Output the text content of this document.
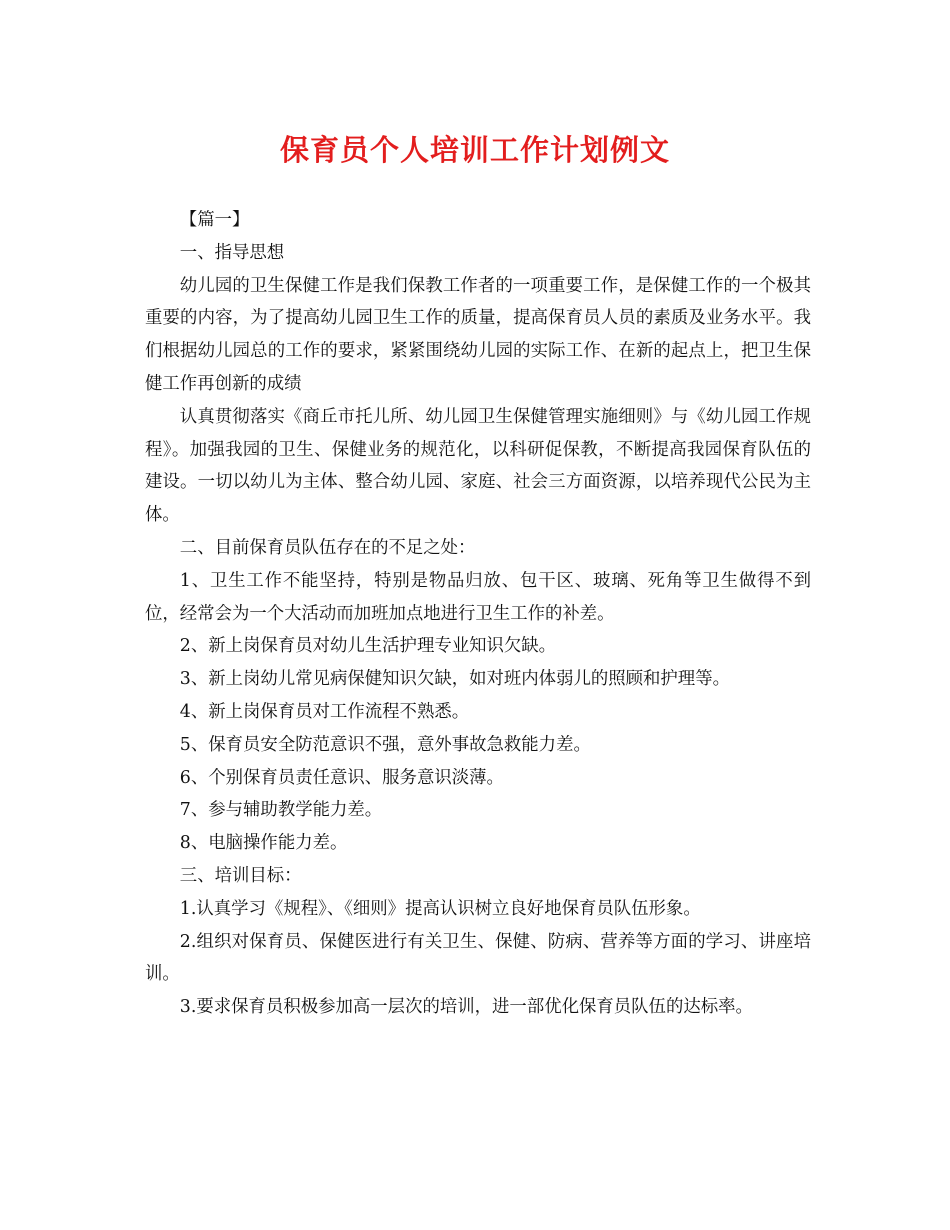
保育员个人培训工作计划例文

【篇一】

一、指导思想

幼儿园的卫生保健工作是我们保教工作者的一项重要工作，是保健工作的一个极其重要的内容，为了提高幼儿园卫生工作的质量，提高保育员人员的素质及业务水平。我们根据幼儿园总的工作的要求，紧紧围绕幼儿园的实际工作、在新的起点上，把卫生保健工作再创新的成绩

认真贯彻落实《商丘市托儿所、幼儿园卫生保健管理实施细则》与《幼儿园工作规程》。加强我园的卫生、保健业务的规范化，以科研促保教，不断提高我园保育队伍的建设。一切以幼儿为主体、整合幼儿园、家庭、社会三方面资源，以培养现代公民为主体。

二、目前保育员队伍存在的不足之处：

1、卫生工作不能坚持，特别是物品归放、包干区、玻璃、死角等卫生做得不到位，经常会为一个大活动而加班加点地进行卫生工作的补差。

2、新上岗保育员对幼儿生活护理专业知识欠缺。

3、新上岗幼儿常见病保健知识欠缺，如对班内体弱儿的照顾和护理等。

4、新上岗保育员对工作流程不熟悉。

5、保育员安全防范意识不强，意外事故急救能力差。

6、个别保育员责任意识、服务意识淡薄。

7、参与辅助教学能力差。

8、电脑操作能力差。

三、培训目标：

1.认真学习《规程》、《细则》提高认识树立良好地保育员队伍形象。

2.组织对保育员、保健医进行有关卫生、保健、防病、营养等方面的学习、讲座培训。

3.要求保育员积极参加高一层次的培训，进一部优化保育员队伍的达标率。
